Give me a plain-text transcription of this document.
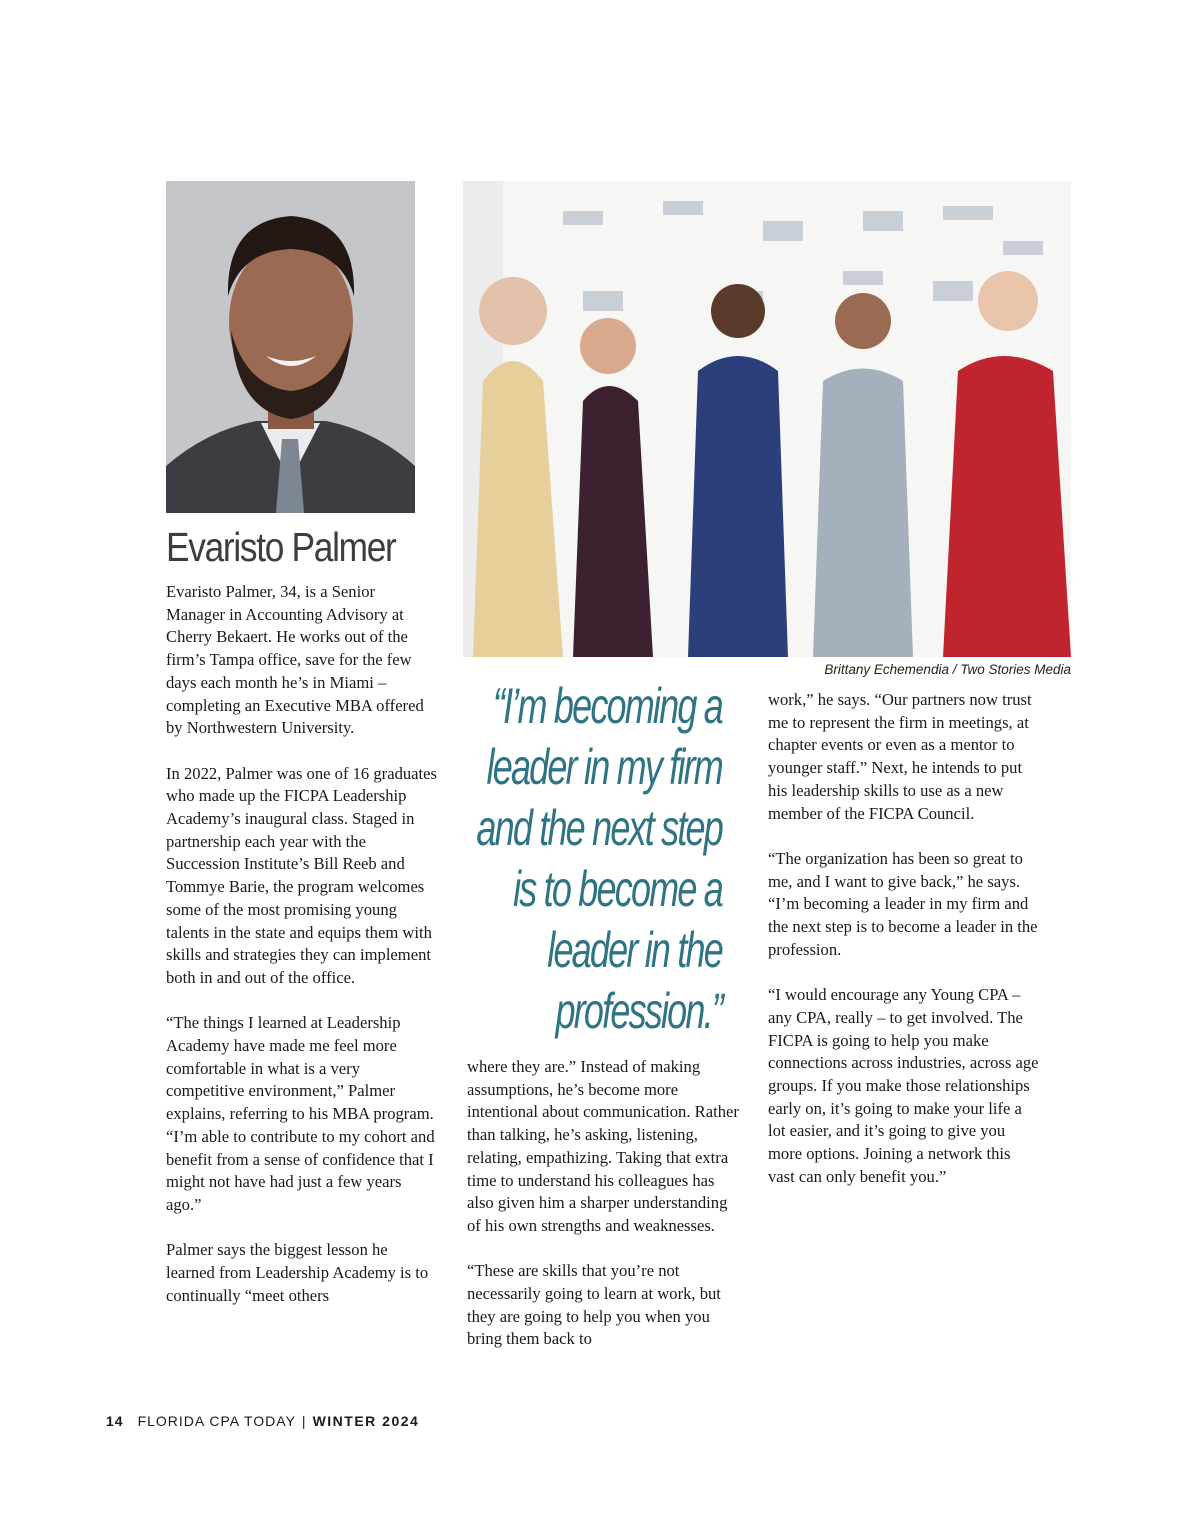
Brittany Echemendia / Two Stories Media
Evaristo Palmer

Evaristo Palmer, 34, is a Senior Manager in Accounting Advisory at Cherry Bekaert. He works out of the firm’s Tampa office, save for the few days each month he’s in Miami – completing an Executive MBA offered by Northwestern University.

In 2022, Palmer was one of 16 graduates who made up the FICPA Leadership Academy’s inaugural class. Staged in partnership each year with the Succession Institute’s Bill Reeb and Tommye Barie, the program welcomes some of the most promising young talents in the state and equips them with skills and strategies they can implement both in and out of the office.

“The things I learned at Leadership Academy have made me feel more comfortable in what is a very competitive environment,” Palmer explains, referring to his MBA program. “I’m able to contribute to my cohort and benefit from a sense of confidence that I might not have had just a few years ago.”

Palmer says the biggest lesson he learned from Leadership Academy is to continually “meet others

“I’m becoming a leader in my firm and the next step is to become a leader in the profession.”

where they are.” Instead of making assumptions, he’s become more intentional about communication. Rather than talking, he’s asking, listening, relating, empathizing. Taking that extra time to understand his colleagues has also given him a sharper understanding of his own strengths and weaknesses.

“These are skills that you’re not necessarily going to learn at work, but they are going to help you when you bring them back to

work,” he says. “Our partners now trust me to represent the firm in meetings, at chapter events or even as a mentor to younger staff.” Next, he intends to put his leadership skills to use as a new member of the FICPA Council.

“The organization has been so great to me, and I want to give back,” he says. “I’m becoming a leader in my firm and the next step is to become a leader in the profession.

“I would encourage any Young CPA – any CPA, really – to get involved. The FICPA is going to help you make connections across industries, across age groups. If you make those relationships early on, it’s going to make your life a lot easier, and it’s going to give you more options. Joining a network this vast can only benefit you.”

14 FLORIDA CPA TODAY | WINTER 2024
